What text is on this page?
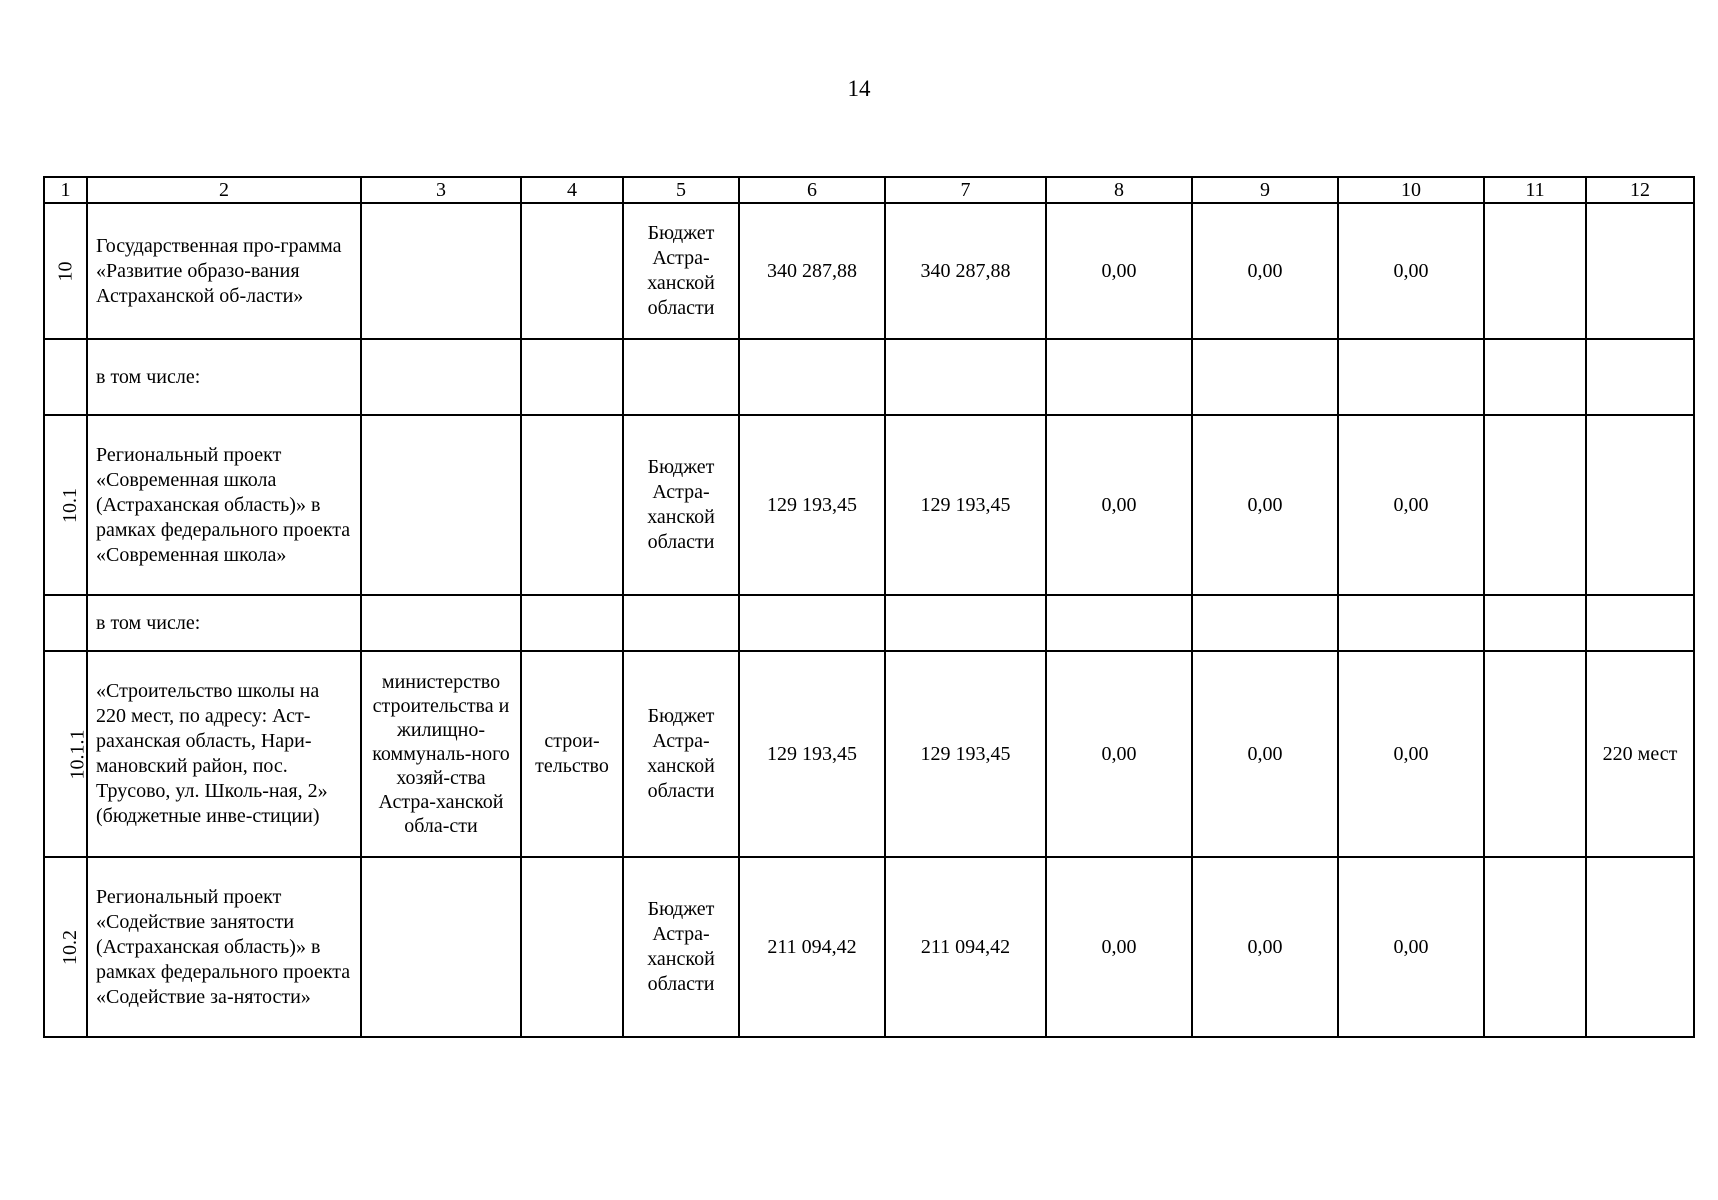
14
1	2	3	4	5	6	7	8	9	10	11	12
10	Государственная про-грамма «Развитие образо-вания Астраханской об-ласти»			Бюджет Астра-ханской области	340 287,88	340 287,88	0,00	0,00	0,00		
	в том числе:										
10.1	Региональный проект «Современная школа (Астраханская область)» в рамках федерального проекта «Современная школа»			Бюджет Астра-ханской области	129 193,45	129 193,45	0,00	0,00	0,00		
	в том числе:										
10.1.1	«Строительство школы на 220 мест, по адресу: Аст-раханская область, Нари-мановский район, пос. Трусово, ул. Школь-ная, 2» (бюджетные инве-стиции)	министерство строительства и жилищно-коммуналь-ного хозяй-ства Астра-ханской обла-сти	строи-тельство	Бюджет Астра-ханской области	129 193,45	129 193,45	0,00	0,00	0,00		220 мест
10.2	Региональный проект «Содействие занятости (Астраханская область)» в рамках федерального проекта «Содействие за-нятости»			Бюджет Астра-ханской области	211 094,42	211 094,42	0,00	0,00	0,00		
